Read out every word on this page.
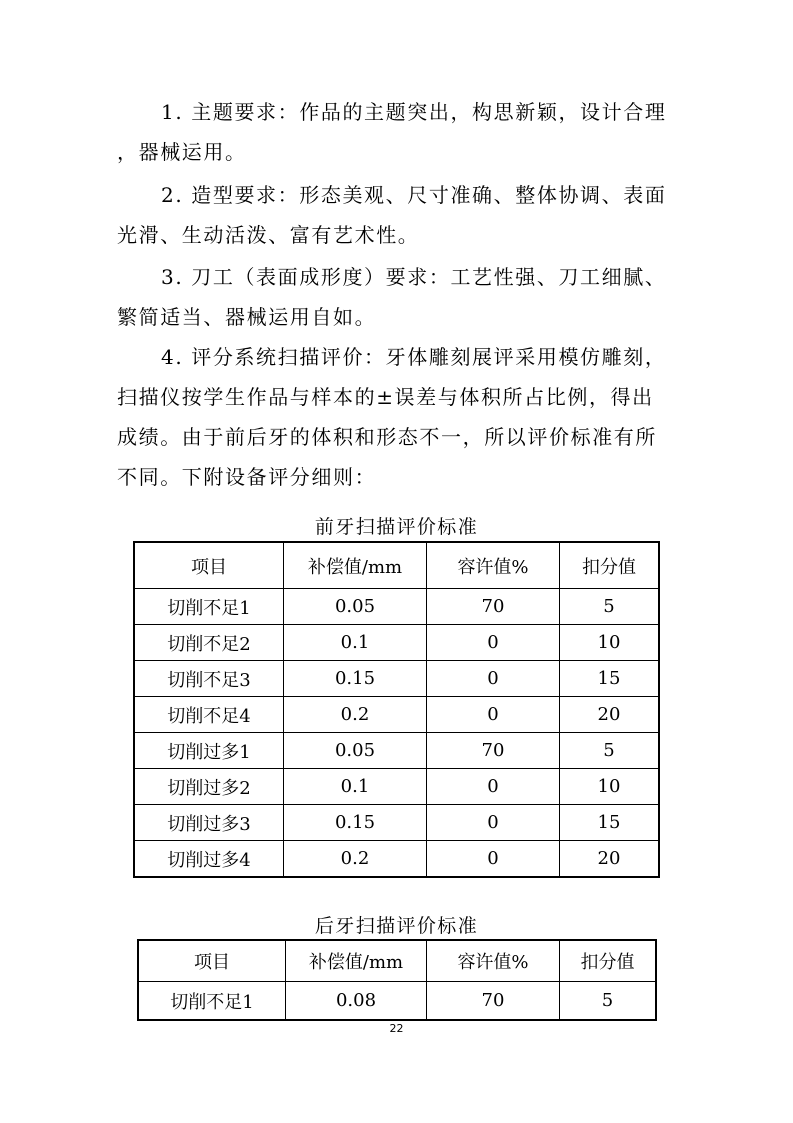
1. 主题要求：作品的主题突出，构思新颖，设计合理
，器械运用。
2. 造型要求：形态美观、尺寸准确、整体协调、表面
光滑、生动活泼、富有艺术性。
3. 刀工（表面成形度）要求：工艺性强、刀工细腻、
繁简适当、器械运用自如。
4. 评分系统扫描评价：牙体雕刻展评采用模仿雕刻，
扫描仪按学生作品与样本的±误差与体积所占比例，得出
成绩。由于前后牙的体积和形态不一，所以评价标准有所
不同。下附设备评分细则：
前牙扫描评价标准
项目	补偿值/mm	容许值%	扣分值
切削不足1	0.05	70	5
切削不足2	0.1	0	10
切削不足3	0.15	0	15
切削不足4	0.2	0	20
切削过多1	0.05	70	5
切削过多2	0.1	0	10
切削过多3	0.15	0	15
切削过多4	0.2	0	20
后牙扫描评价标准
项目	补偿值/mm	容许值%	扣分值
切削不足1	0.08	70	5
22
